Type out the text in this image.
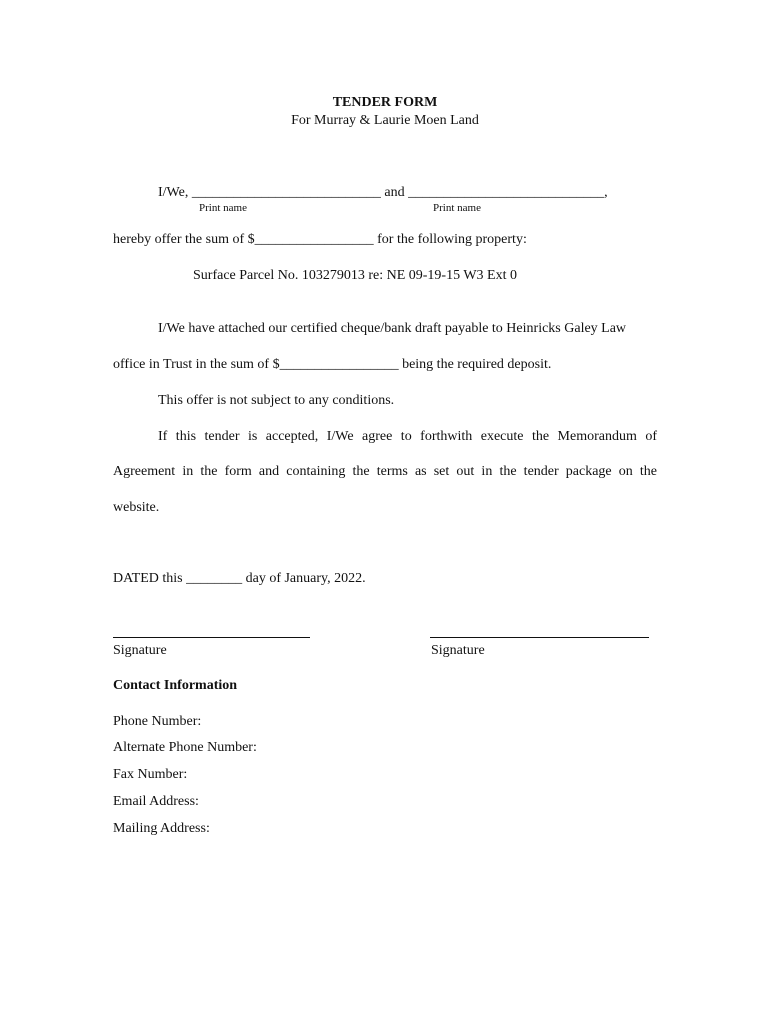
TENDER FORM
For Murray & Laurie Moen Land
I/We, ___________________________ and ____________________________,
Print name	Print name
hereby offer the sum of $_________________ for the following property:
Surface Parcel No. 103279013 re: NE 09-19-15 W3 Ext 0
I/We have attached our certified cheque/bank draft payable to Heinricks Galey Law
office in Trust in the sum of $_________________ being the required deposit.
This offer is not subject to any conditions.
If this tender is accepted, I/We agree to forthwith execute the Memorandum of
Agreement in the form and containing the terms as set out in the tender package on the
website.
DATED this ________ day of January, 2022.
Signature	Signature
Contact Information
Phone Number:
Alternate Phone Number:
Fax Number:
Email Address:
Mailing Address:
